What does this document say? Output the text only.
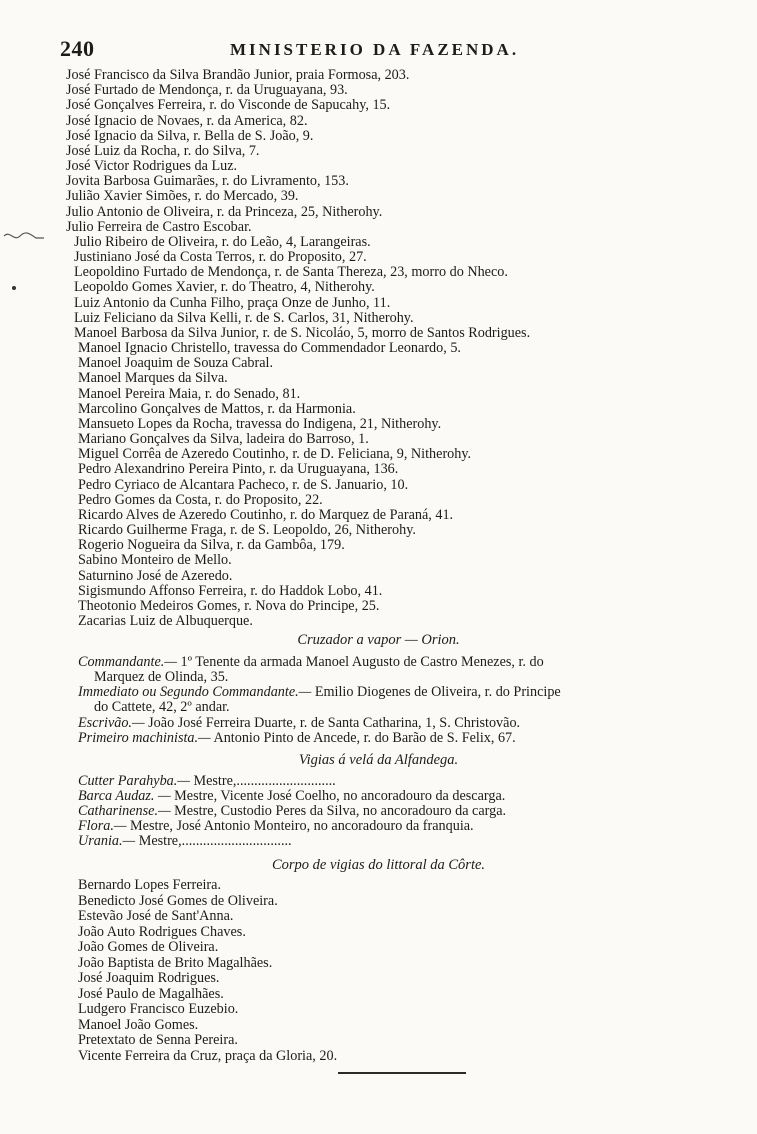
240	MINISTERIO DA FAZENDA.
José Francisco da Silva Brandão Junior, praia Formosa, 203.
José Furtado de Mendonça, r. da Uruguayana, 93.
José Gonçalves Ferreira, r. do Visconde de Sapucahy, 15.
José Ignacio de Novaes, r. da America, 82.
José Ignacio da Silva, r. Bella de S. João, 9.
José Luiz da Rocha, r. do Silva, 7.
José Victor Rodrigues da Luz.
Jovita Barbosa Guimarães, r. do Livramento, 153.
Julião Xavier Simões, r. do Mercado, 39.
Julio Antonio de Oliveira, r. da Princeza, 25, Nitherohy.
Julio Ferreira de Castro Escobar.
Julio Ribeiro de Oliveira, r. do Leão, 4, Larangeiras.
Justiniano José da Costa Terros, r. do Proposito, 27.
Leopoldino Furtado de Mendonça, r. de Santa Thereza, 23, morro do Nheco.
Leopoldo Gomes Xavier, r. do Theatro, 4, Nitherohy.
Luiz Antonio da Cunha Filho, praça Onze de Junho, 11.
Luiz Feliciano da Silva Kelli, r. de S. Carlos, 31, Nitherohy.
Manoel Barbosa da Silva Junior, r. de S. Nicoláo, 5, morro de Santos Rodrigues.
Manoel Ignacio Christello, travessa do Commendador Leonardo, 5.
Manoel Joaquim de Souza Cabral.
Manoel Marques da Silva.
Manoel Pereira Maia, r. do Senado, 81.
Marcolino Gonçalves de Mattos, r. da Harmonia.
Mansueto Lopes da Rocha, travessa do Indigena, 21, Nitherohy.
Mariano Gonçalves da Silva, ladeira do Barroso, 1.
Miguel Corrêa de Azeredo Coutinho, r. de D. Feliciana, 9, Nitherohy.
Pedro Alexandrino Pereira Pinto, r. da Uruguayana, 136.
Pedro Cyriaco de Alcantara Pacheco, r. de S. Januario, 10.
Pedro Gomes da Costa, r. do Proposito, 22.
Ricardo Alves de Azeredo Coutinho, r. do Marquez de Paraná, 41.
Ricardo Guilherme Fraga, r. de S. Leopoldo, 26, Nitherohy.
Rogerio Nogueira da Silva, r. da Gambôa, 179.
Sabino Monteiro de Mello.
Saturnino José de Azeredo.
Sigismundo Affonso Ferreira, r. do Haddok Lobo, 41.
Theotonio Medeiros Gomes, r. Nova do Principe, 25.
Zacarias Luiz de Albuquerque.
Cruzador a vapor — Orion.
Commandante.— 1º Tenente da armada Manoel Augusto de Castro Menezes, r. do
Marquez de Olinda, 35.
Immediato ou Segundo Commandante.— Emilio Diogenes de Oliveira, r. do Principe
do Cattete, 42, 2º andar.
Escrivão.— João José Ferreira Duarte, r. de Santa Catharina, 1, S. Christovão.
Primeiro machinista.— Antonio Pinto de Ancede, r. do Barão de S. Felix, 67.
Vigias á velá da Alfandega.
Cutter Parahyba.— Mestre,............................
Barca Audaz. — Mestre, Vicente José Coelho, no ancoradouro da descarga.
Catharinense.— Mestre, Custodio Peres da Silva, no ancoradouro da carga.
Flora.— Mestre, José Antonio Monteiro, no ancoradouro da franquia.
Urania.— Mestre,...............................
Corpo de vigias do littoral da Côrte.
Bernardo Lopes Ferreira.
Benedicto José Gomes de Oliveira.
Estevão José de Sant'Anna.
João Auto Rodrigues Chaves.
João Gomes de Oliveira.
João Baptista de Brito Magalhães.
José Joaquim Rodrigues.
José Paulo de Magalhães.
Ludgero Francisco Euzebio.
Manoel João Gomes.
Pretextato de Senna Pereira.
Vicente Ferreira da Cruz, praça da Gloria, 20.
